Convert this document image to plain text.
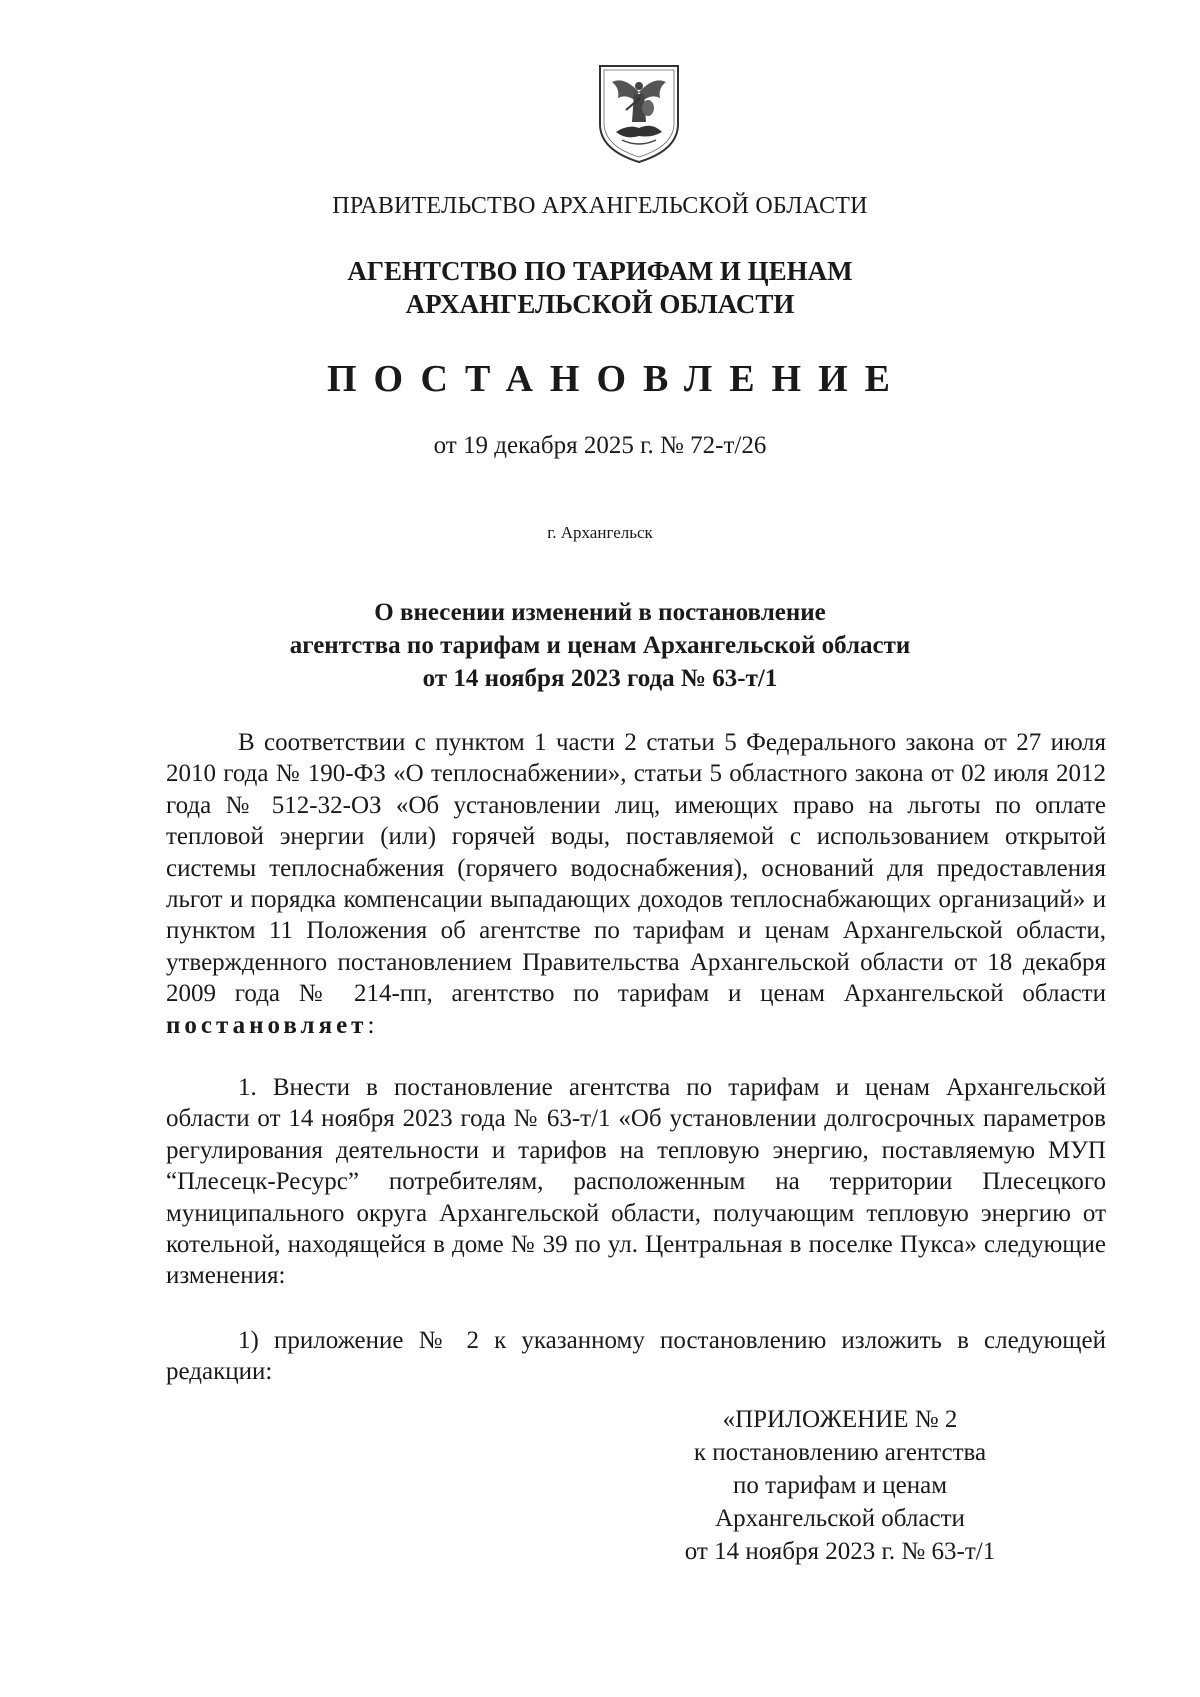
ПРАВИТЕЛЬСТВО АРХАНГЕЛЬСКОЙ ОБЛАСТИ
АГЕНТСТВО ПО ТАРИФАМ И ЦЕНАМ
АРХАНГЕЛЬСКОЙ ОБЛАСТИ
ПОСТАНОВЛЕНИЕ
от 19 декабря 2025 г. № 72-т/26
г. Архангельск
О внесении изменений в постановление
агентства по тарифам и ценам Архангельской области
от 14 ноября 2023 года № 63-т/1
В соответствии с пунктом 1 части 2 статьи 5 Федерального закона от 27 июля 2010 года № 190-ФЗ «О теплоснабжении», статьи 5 областного закона от 02 июля 2012 года № 512-32-ОЗ «Об установлении лиц, имеющих право на льготы по оплате тепловой энергии (или) горячей воды, поставляемой с использованием открытой системы теплоснабжения (горячего водоснабжения), оснований для предоставления льгот и порядка компенсации выпадающих доходов теплоснабжающих организаций» и пунктом 11 Положения об агентстве по тарифам и ценам Архангельской области, утвержденного постановлением Правительства Архангельской области от 18 декабря 2009 года № 214-пп, агентство по тарифам и ценам Архангельской области постановляет:
1. Внести в постановление агентства по тарифам и ценам Архангельской области от 14 ноября 2023 года № 63-т/1 «Об установлении долгосрочных параметров регулирования деятельности и тарифов на тепловую энергию, поставляемую МУП “Плесецк-Ресурс” потребителям, расположенным на территории Плесецкого муниципального округа Архангельской области, получающим тепловую энергию от котельной, находящейся в доме № 39 по ул. Центральная в поселке Пукса» следующие изменения:
1) приложение № 2 к указанному постановлению изложить в следующей редакции:
«ПРИЛОЖЕНИЕ № 2
к постановлению агентства
по тарифам и ценам
Архангельской области
от 14 ноября 2023 г. № 63-т/1
